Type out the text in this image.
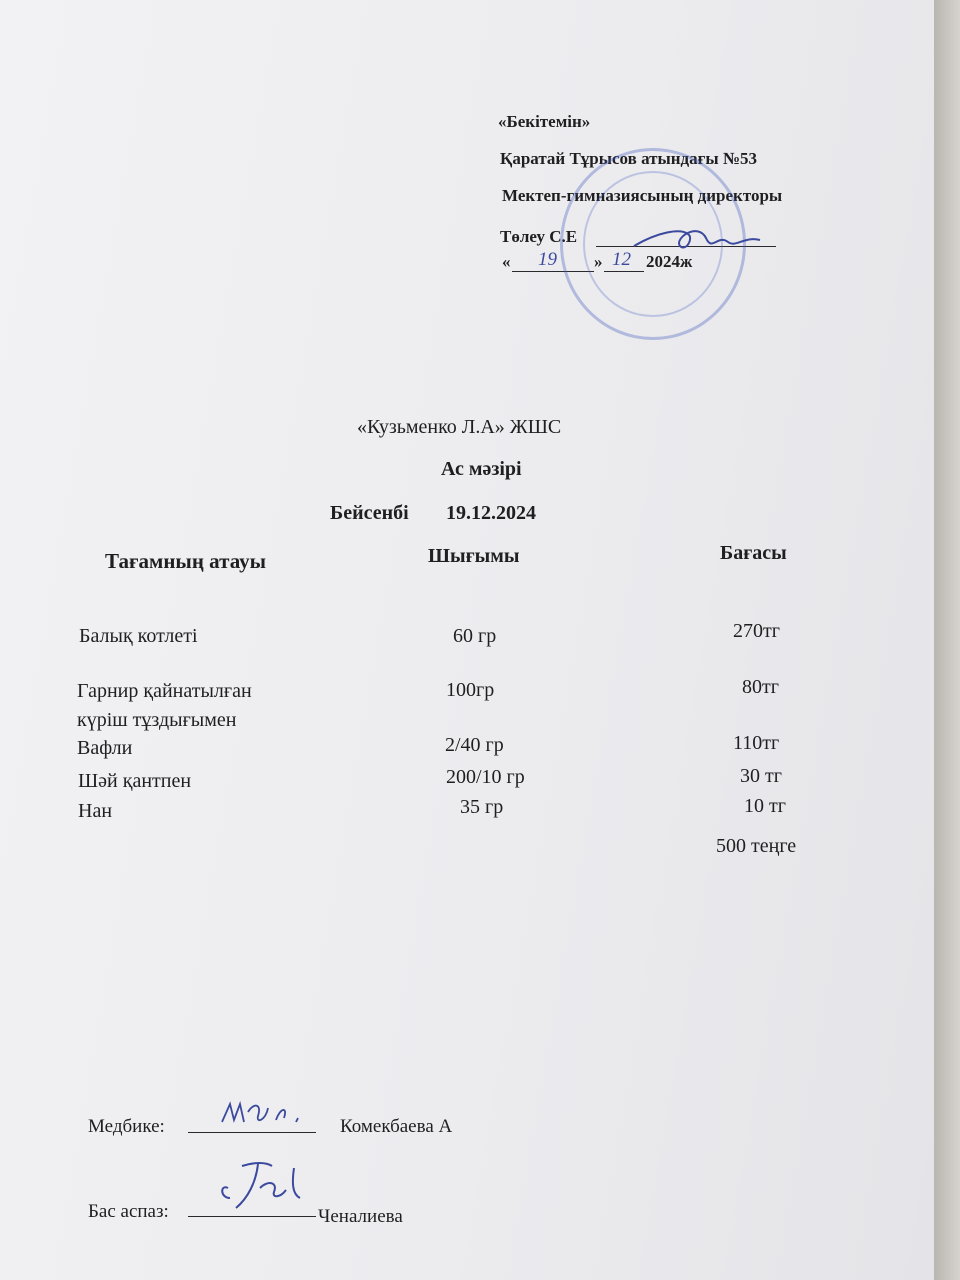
«Бекітемін»
Қаратай Тұрысов атындағы №53
Мектеп-гимназиясының директоры
Төлеу С.Е
« 19 » 12 2024ж
«Кузьменко Л.А» ЖШС
Ас мәзірі
Бейсенбі 19.12.2024
Тағамның атауы	Шығымы	Бағасы
Балық котлеті	60 гр	270тг
Гарнир қайнатылған
күріш тұздығымен
100гр	80тг
Вафли	2/40 гр	110тг
Шәй қантпен	200/10 гр	30 тг
Нан	35 гр	10 тг
500 теңге
Медбике:	Комекбаева А
Бас аспаз:	Ченалиева
